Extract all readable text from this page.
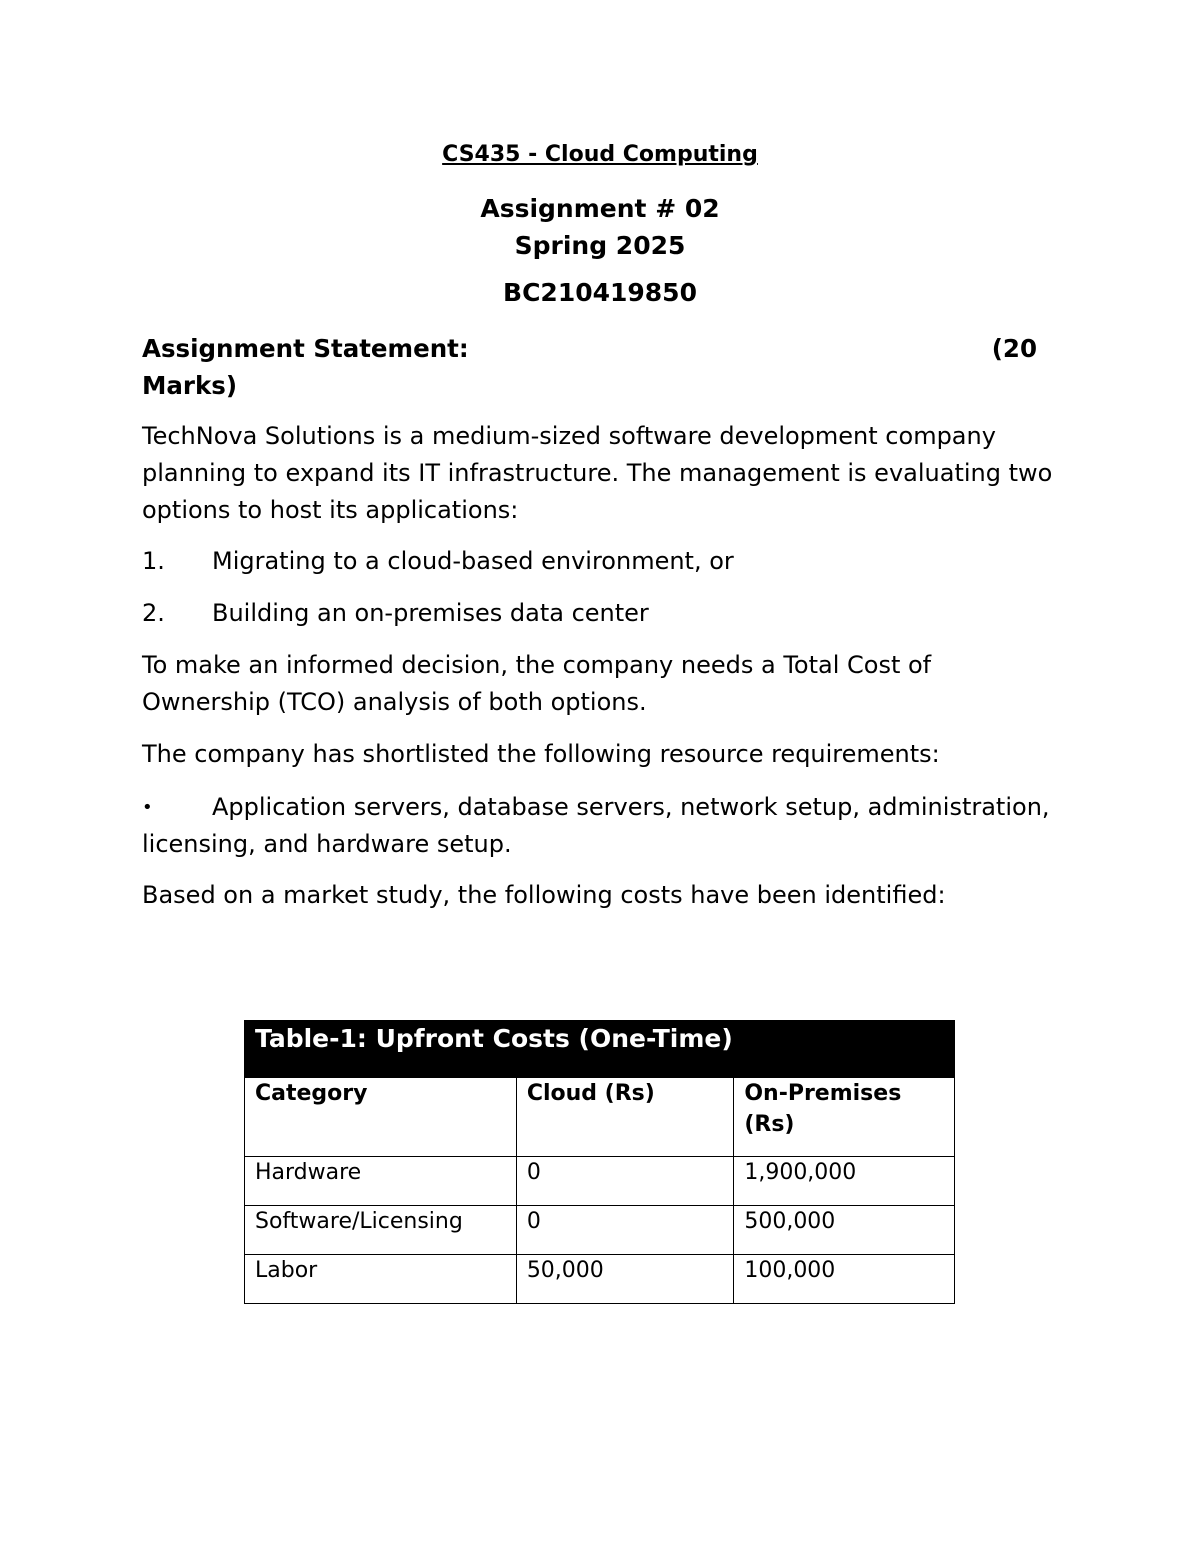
CS435 - Cloud Computing
Assignment # 02
Spring 2025
BC210419850
Assignment Statement:	(20
Marks)
TechNova Solutions is a medium-sized software development company planning to expand its IT infrastructure. The management is evaluating two options to host its applications:
1. Migrating to a cloud-based environment, or
2. Building an on-premises data center
To make an informed decision, the company needs a Total Cost of Ownership (TCO) analysis of both options.
The company has shortlisted the following resource requirements:
• Application servers, database servers, network setup, administration, licensing, and hardware setup.
Based on a market study, the following costs have been identified:
Table-1: Upfront Costs (One-Time)		
Category	Cloud (Rs)	On-Premises (Rs)
Hardware	0	1,900,000
Software/Licensing	0	500,000
Labor	50,000	100,000
